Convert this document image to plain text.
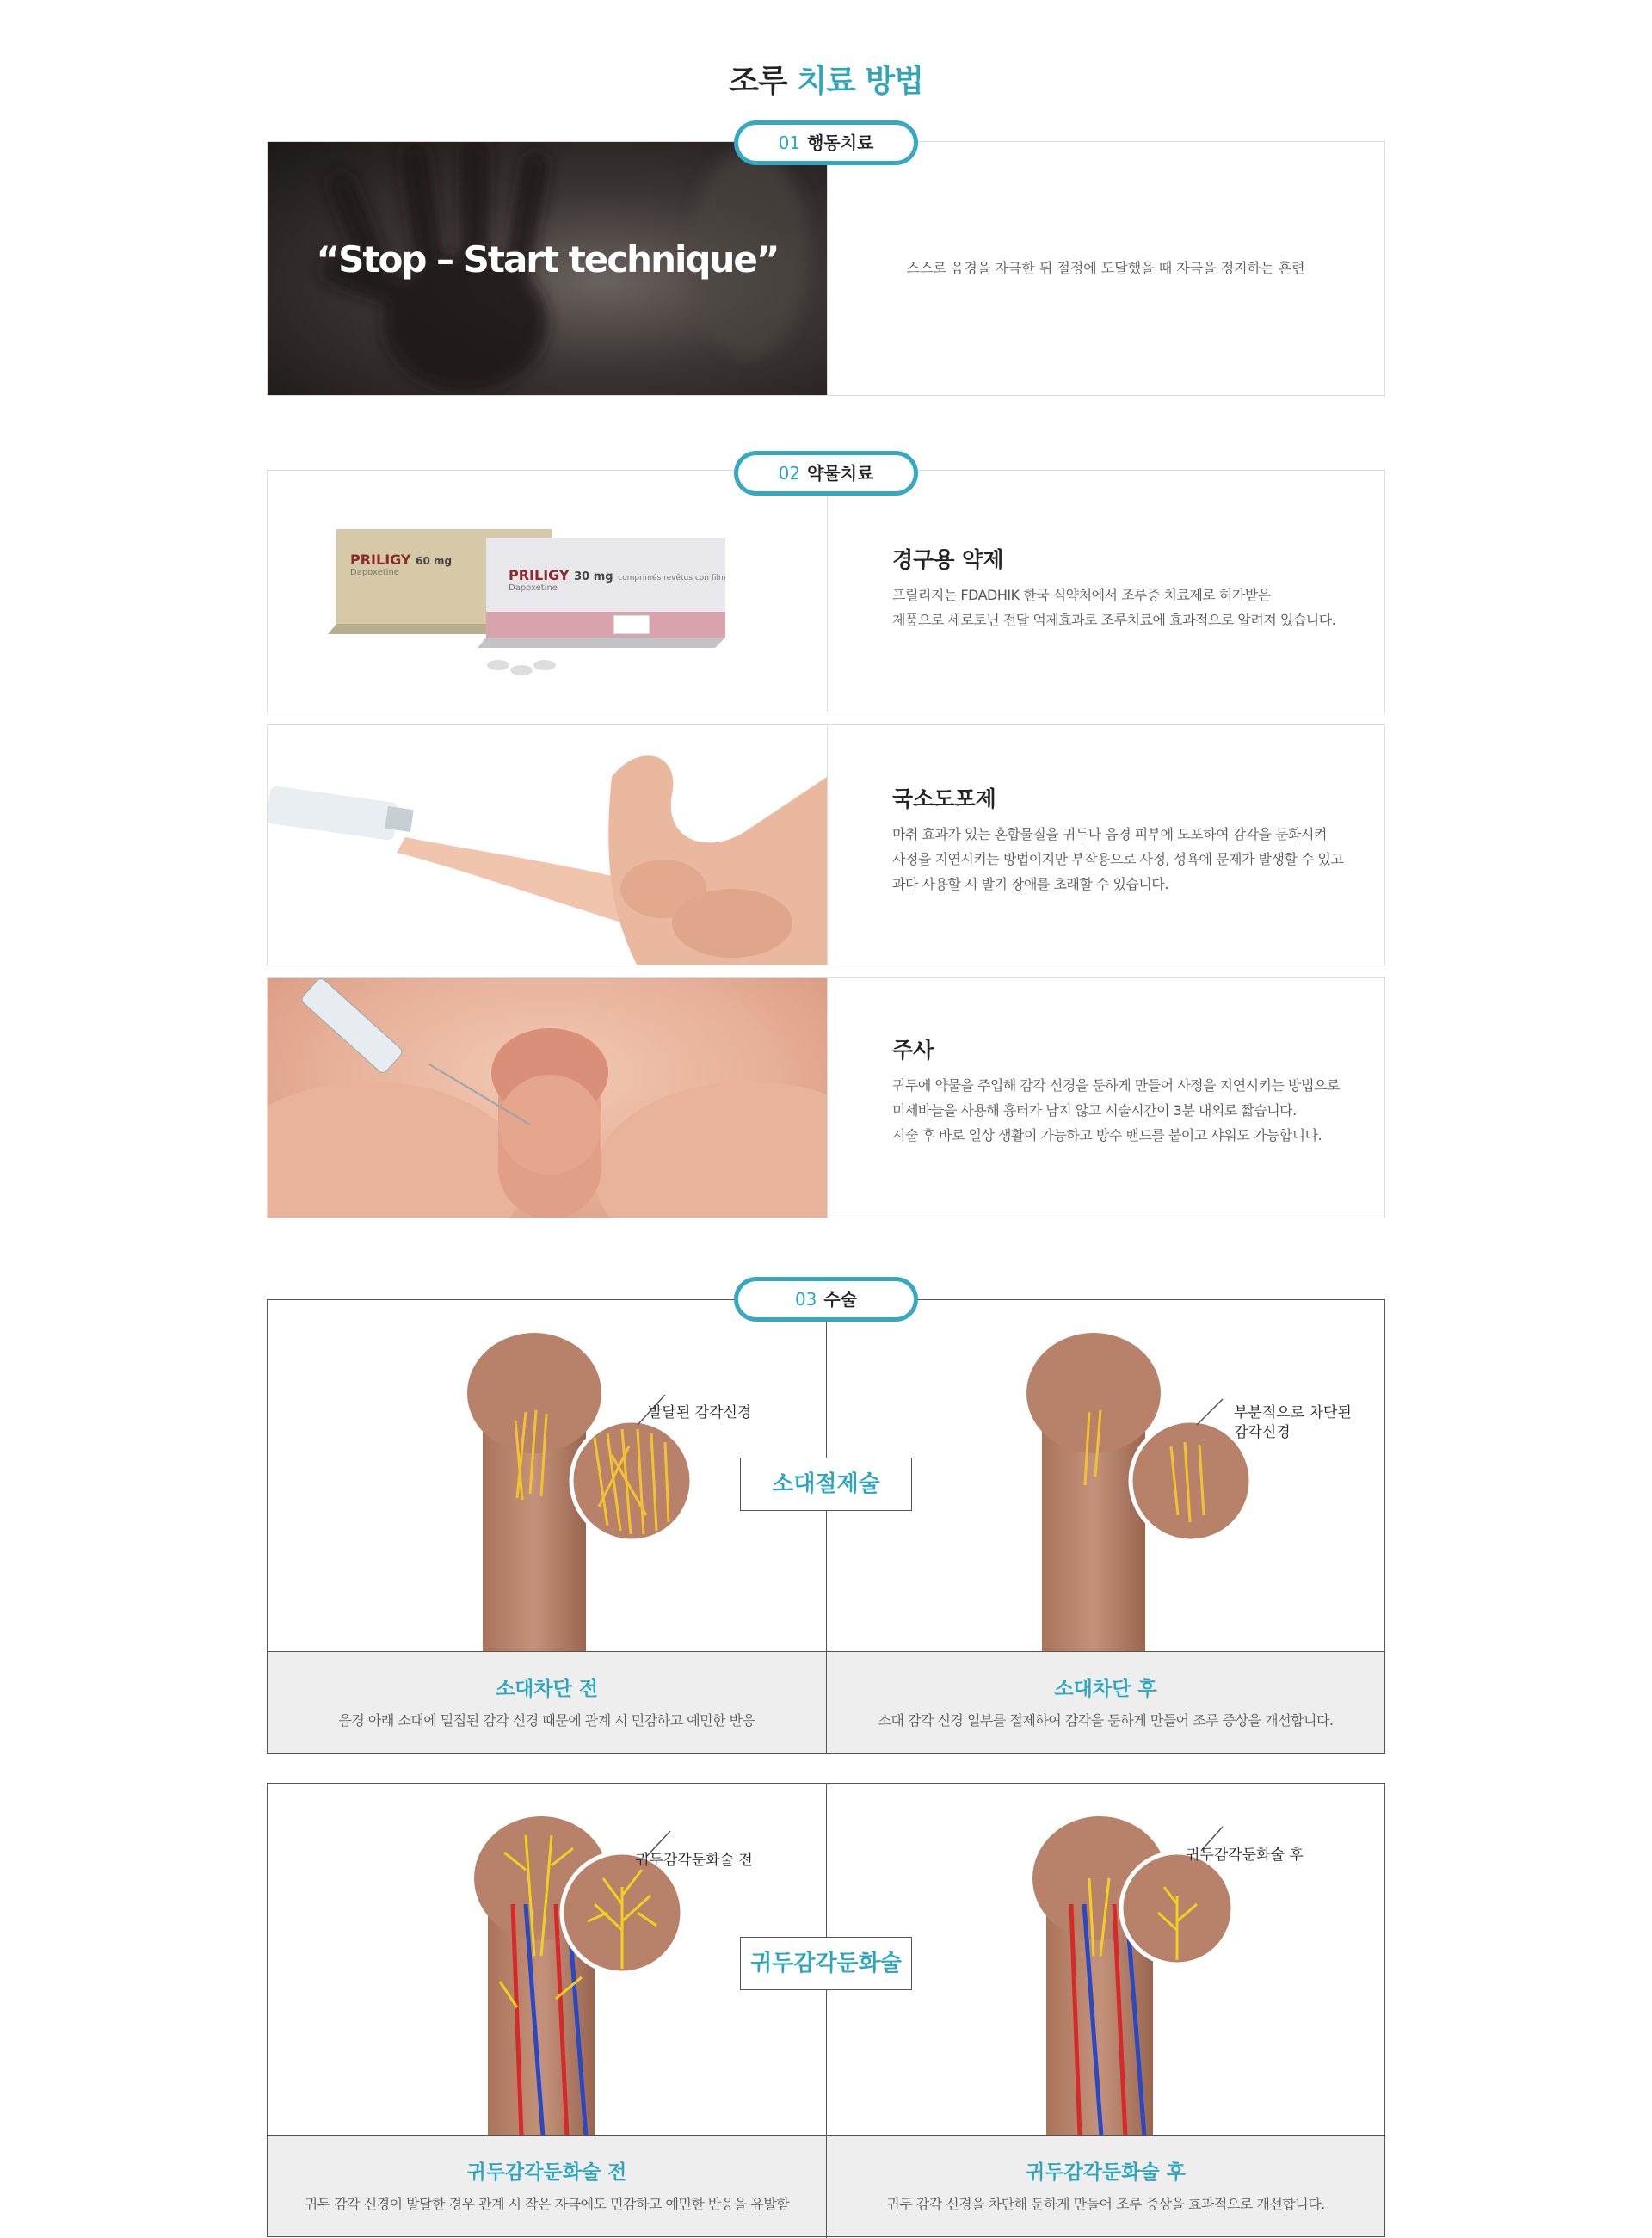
조루 치료 방법
01 행동치료
“Stop – Start technique”	스스로 음경을 자극한 뒤 절정에 도달했을 때 자극을 정지하는 훈련
02 약물치료
PRILIGY 60 mg
Dapoxetine	PRILIGY 30 mg comprimés revêtus con film
Dapoxetine
경구용 약제
프릴리지는 FDADHIK 한국 식약처에서 조루증 치료제로 허가받은
제품으로 세로토닌 전달 억제효과로 조루치료에 효과적으로 알려져 있습니다.
국소도포제
마취 효과가 있는 혼합물질을 귀두나 음경 피부에 도포하여 감각을 둔화시켜
사정을 지연시키는 방법이지만 부작용으로 사정, 성욕에 문제가 발생할 수 있고
과다 사용할 시 발기 장애를 초래할 수 있습니다.
주사
귀두에 약물을 주입해 감각 신경을 둔하게 만들어 사정을 지연시키는 방법으로
미세바늘을 사용해 흉터가 남지 않고 시술시간이 3분 내외로 짧습니다.
시술 후 바로 일상 생활이 가능하고 방수 밴드를 붙이고 샤워도 가능합니다.
03 수술
발달된 감각신경	부분적으로 차단된
감각신경
소대절제술
소대차단 전
음경 아래 소대에 밀집된 감각 신경 때문에 관계 시 민감하고 예민한 반응
소대차단 후
소대 감각 신경 일부를 절제하여 감각을 둔하게 만들어 조루 증상을 개선합니다.
귀두감각둔화술 전	귀두감각둔화술 후
귀두감각둔화술
귀두감각둔화술 전
귀두 감각 신경이 발달한 경우 관계 시 작은 자극에도 민감하고 예민한 반응을 유발함
귀두감각둔화술 후
귀두 감각 신경을 차단해 둔하게 만들어 조루 증상을 효과적으로 개선합니다.
